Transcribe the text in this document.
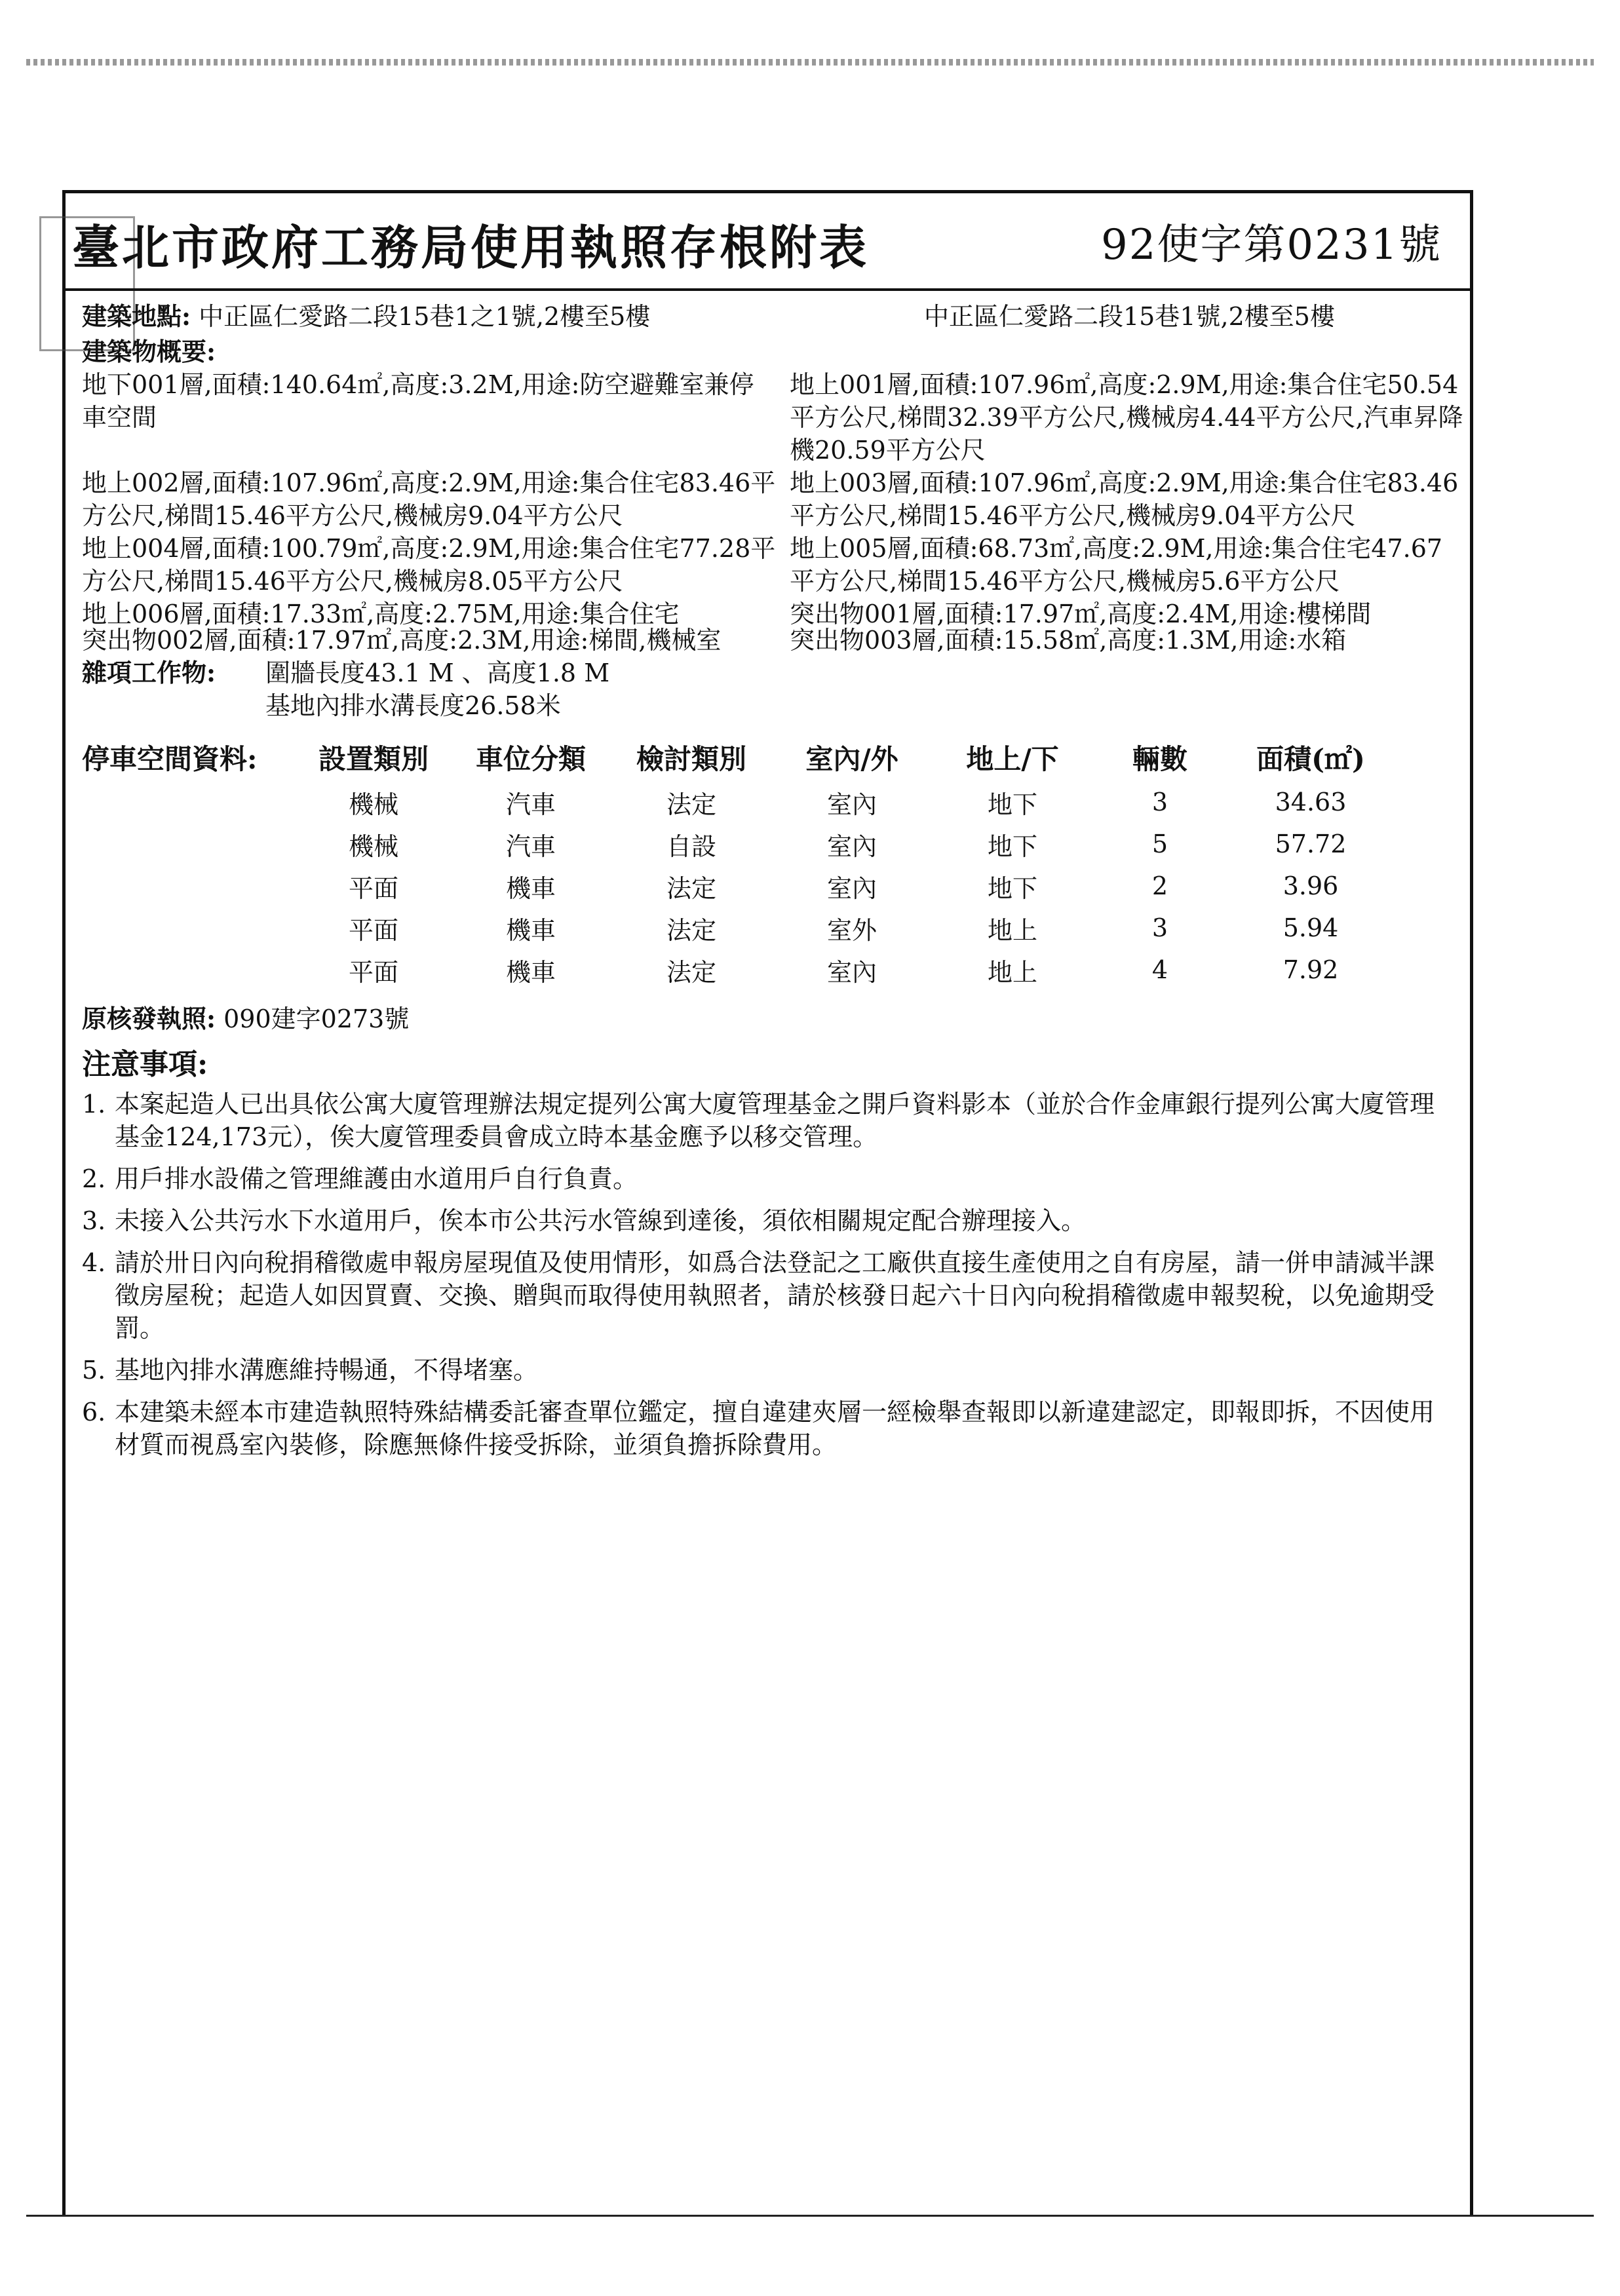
臺北市政府工務局使用執照存根附表	92使字第0231號
建築地點: 中正區仁愛路二段15巷1之1號,2樓至5樓	中正區仁愛路二段15巷1號,2樓至5樓
建築物概要:
地下001層,面積:140.64㎡,高度:3.2M,用途:防空避難室兼停車空間
地上001層,面積:107.96㎡,高度:2.9M,用途:集合住宅50.54平方公尺,梯間32.39平方公尺,機械房4.44平方公尺,汽車昇降機20.59平方公尺
地上002層,面積:107.96㎡,高度:2.9M,用途:集合住宅83.46平方公尺,梯間15.46平方公尺,機械房9.04平方公尺
地上003層,面積:107.96㎡,高度:2.9M,用途:集合住宅83.46平方公尺,梯間15.46平方公尺,機械房9.04平方公尺
地上004層,面積:100.79㎡,高度:2.9M,用途:集合住宅77.28平方公尺,梯間15.46平方公尺,機械房8.05平方公尺
地上005層,面積:68.73㎡,高度:2.9M,用途:集合住宅47.67平方公尺,梯間15.46平方公尺,機械房5.6平方公尺
地上006層,面積:17.33㎡,高度:2.75M,用途:集合住宅	突出物001層,面積:17.97㎡,高度:2.4M,用途:樓梯間
突出物002層,面積:17.97㎡,高度:2.3M,用途:梯間,機械室	突出物003層,面積:15.58㎡,高度:1.3M,用途:水箱
雜項工作物: 圍牆長度43.1 M 、高度1.8 M
基地內排水溝長度26.58米
停車空間資料:	設置類別	車位分類	檢討類別	室內/外	地上/下	輛數	面積(㎡)
	機械	汽車	法定	室內	地下	3	34.63
	機械	汽車	自設	室內	地下	5	57.72
	平面	機車	法定	室內	地下	2	3.96
	平面	機車	法定	室外	地上	3	5.94
	平面	機車	法定	室內	地上	4	7.92
原核發執照: 090建字0273號
注意事項:
1. 本案起造人已出具依公寓大廈管理辦法規定提列公寓大廈管理基金之開戶資料影本（並於合作金庫銀行提列公寓大廈管理基金124,173元），俟大廈管理委員會成立時本基金應予以移交管理。
2. 用戶排水設備之管理維護由水道用戶自行負責。
3. 未接入公共污水下水道用戶，俟本市公共污水管線到達後，須依相關規定配合辦理接入。
4. 請於卅日內向稅捐稽徵處申報房屋現值及使用情形，如爲合法登記之工廠供直接生產使用之自有房屋，請一併申請減半課徵房屋稅；起造人如因買賣、交換、贈與而取得使用執照者，請於核發日起六十日內向稅捐稽徵處申報契稅，以免逾期受罰。
5. 基地內排水溝應維持暢通，不得堵塞。
6. 本建築未經本市建造執照特殊結構委託審查單位鑑定，擅自違建夾層一經檢舉查報即以新違建認定，即報即拆，不因使用材質而視爲室內裝修，除應無條件接受拆除，並須負擔拆除費用。
